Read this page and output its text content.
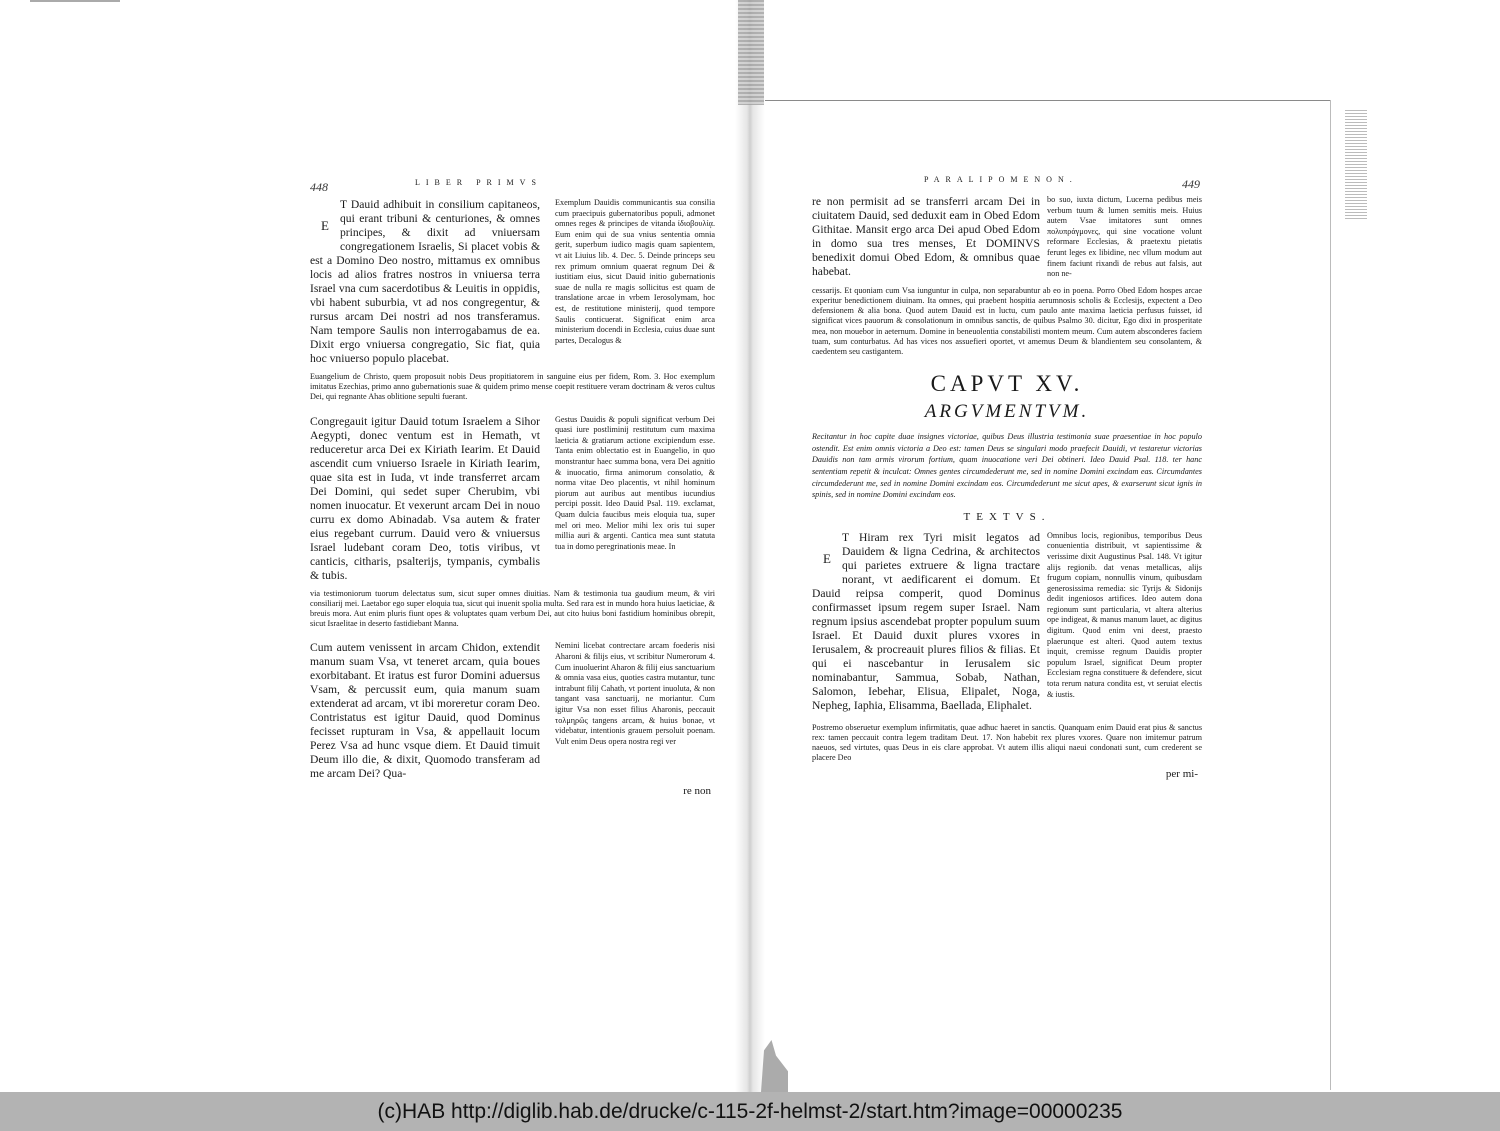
448	LIBER PRIMVS
E
T Dauid adhibuit in consilium capitaneos, qui erant tribuni & centuriones, & omnes principes, & dixit ad vniuersam congregationem Israelis, Si placet vobis & est a Domino Deo nostro, mittamus ex omnibus locis ad alios fratres nostros in vniuersa terra Israel vna cum sacerdotibus & Leuitis in oppidis, vbi habent suburbia, vt ad nos congregentur, & rursus arcam Dei nostri ad nos transferamus. Nam tempore Saulis non interrogabamus de ea. Dixit ergo vniuersa congregatio, Sic fiat, quia hoc vniuerso populo placebat.

Exemplum Dauidis communicantis sua consilia cum praecipuis gubernatoribus populi, admonet omnes reges & principes de vitanda ἰδιοβουλίᾳ. Eum enim qui de sua vnius sententia omnia gerit, superbum iudico magis quam sapientem, vt ait Liuius lib. 4. Dec. 5. Deinde princeps seu rex primum omnium quaerat regnum Dei & iustitiam eius, sicut Dauid initio gubernationis suae de nulla re magis sollicitus est quam de translatione arcae in vrbem Ierosolymam, hoc est, de restitutione ministerij, quod tempore Saulis conticuerat. Significat enim arca ministerium docendi in Ecclesia, cuius duae sunt partes, Decalogus &

Euangelium de Christo, quem proposuit nobis Deus propitiatorem in sanguine eius per fidem, Rom. 3. Hoc exemplum imitatus Ezechias, primo anno gubernationis suae & quidem primo mense coepit restituere veram doctrinam & veros cultus Dei, qui regnante Ahas oblitione sepulti fuerant.

Congregauit igitur Dauid totum Israelem a Sihor Aegypti, donec ventum est in Hemath, vt reduceretur arca Dei ex Kiriath Iearim. Et Dauid ascendit cum vniuerso Israele in Kiriath Iearim, quae sita est in Iuda, vt inde transferret arcam Dei Domini, qui sedet super Cherubim, vbi nomen inuocatur. Et vexerunt arcam Dei in nouo curru ex domo Abinadab. Vsa autem & frater eius regebant currum. Dauid vero & vniuersus Israel ludebant coram Deo, totis viribus, vt canticis, citharis, psalterijs, tympanis, cymbalis & tubis.

Gestus Dauidis & populi significat verbum Dei quasi iure postliminij restitutum cum maxima laeticia & gratiarum actione excipiendum esse. Tanta enim oblectatio est in Euangelio, in quo monstrantur haec summa bona, vera Dei agnitio & inuocatio, firma animorum consolatio, & norma vitae Deo placentis, vt nihil hominum piorum aut auribus aut mentibus iucundius percipi possit. Ideo Dauid Psal. 119. exclamat, Quam dulcia faucibus meis eloquia tua, super mel ori meo. Melior mihi lex oris tui super millia auri & argenti. Cantica mea sunt statuta tua in domo peregrinationis meae. In

via testimoniorum tuorum delectatus sum, sicut super omnes diuitias. Nam & testimonia tua gaudium meum, & viri consiliarij mei. Laetabor ego super eloquia tua, sicut qui inuenit spolia multa. Sed rara est in mundo hora huius laeticiae, & breuis mora. Aut enim pluris fiunt opes & voluptates quam verbum Dei, aut cito huius boni fastidium hominibus obrepit, sicut Israelitae in deserto fastidiebant Manna.

Cum autem venissent in arcam Chidon, extendit manum suam Vsa, vt teneret arcam, quia boues exorbitabant. Et iratus est furor Domini aduersus Vsam, & percussit eum, quia manum suam extenderat ad arcam, vt ibi moreretur coram Deo. Contristatus est igitur Dauid, quod Dominus fecisset rupturam in Vsa, & appellauit locum Perez Vsa ad hunc vsque diem. Et Dauid timuit Deum illo die, & dixit, Quomodo transferam ad me arcam Dei? Qua-

Nemini licebat contrectare arcam foederis nisi Aharoni & filijs eius, vt scribitur Numerorum 4. Cum inuoluerint Aharon & filij eius sanctuarium & omnia vasa eius, quoties castra mutantur, tunc intrabunt filij Cahath, vt portent inuoluta, & non tangant vasa sanctuarij, ne moriantur. Cum igitur Vsa non esset filius Aharonis, peccauit τολμηρῶς tangens arcam, & huius bonae, vt videbatur, intentionis grauem persoluit poenam. Vult enim Deus opera nostra regi ver

re non

PARALIPOMENON.	449

re non permisit ad se transferri arcam Dei in ciuitatem Dauid, sed deduxit eam in Obed Edom Githitae. Mansit ergo arca Dei apud Obed Edom in domo sua tres menses, Et DOMINVS benedixit domui Obed Edom, & omnibus quae habebat.

bo suo, iuxta dictum, Lucerna pedibus meis verbum tuum & lumen semitis meis. Huius autem Vsae imitatores sunt omnes πολυπράγμονες, qui sine vocatione volunt reformare Ecclesias, & praetextu pietatis ferunt leges ex libidine, nec vllum modum aut finem faciunt rixandi de rebus aut falsis, aut non ne-

cessarijs. Et quoniam cum Vsa iunguntur in culpa, non separabuntur ab eo in poena. Porro Obed Edom hospes arcae experitur benedictionem diuinam. Ita omnes, qui praebent hospitia aerumnosis scholis & Ecclesijs, expectent a Deo defensionem & alia bona. Quod autem Dauid est in luctu, cum paulo ante maxima laeticia perfusus fuisset, id significat vices pauorum & consolationum in omnibus sanctis, de quibus Psalmo 30. dicitur, Ego dixi in prosperitate mea, non mouebor in aeternum. Domine in beneuolentia constabilisti montem meum. Cum autem absconderes faciem tuam, sum conturbatus. Ad has vices nos assuefieri oportet, vt amemus Deum & blandientem seu consolantem, & caedentem seu castigantem.

CAPVT XV.

ARGVMENTVM.

Recitantur in hoc capite duae insignes victoriae, quibus Deus illustria testimonia suae praesentiae in hoc populo ostendit. Est enim omnis victoria a Deo est: tamen Deus se singulari modo praefecit Dauidi, vt testaretur victorias Dauidis non tam armis virorum fortium, quam inuocatione veri Dei obtineri. Ideo Dauid Psal. 118. ter hanc sententiam repetit & inculcat: Omnes gentes circumdederunt me, sed in nomine Domini excindam eas. Circumdantes circumdederunt me, sed in nomine Domini excindam eos. Circumdederunt me sicut apes, & exarserunt sicut ignis in spinis, sed in nomine Domini excindam eos.

TEXTVS.

E
T Hiram rex Tyri misit legatos ad Dauidem & ligna Cedrina, & architectos qui parietes extruere & ligna tractare norant, vt aedificarent ei domum. Et Dauid reipsa comperit, quod Dominus confirmasset ipsum regem super Israel. Nam regnum ipsius ascendebat propter populum suum Israel. Et Dauid duxit plures vxores in Ierusalem, & procreauit plures filios & filias. Et qui ei nascebantur in Ierusalem sic nominabantur, Sammua, Sobab, Nathan, Salomon, Iebehar, Elisua, Elipalet, Noga, Nepheg, Iaphia, Elisamma, Baellada, Eliphalet.

Omnibus locis, regionibus, temporibus Deus conuenientia distribuit, vt sapientissime & verissime dixit Augustinus Psal. 148. Vt igitur alijs regionib. dat venas metallicas, alijs frugum copiam, nonnullis vinum, quibusdam generosissima remedia: sic Tyrijs & Sidonijs dedit ingeniosos artifices. Ideo autem dona regionum sunt particularia, vt altera alterius ope indigeat, & manus manum lauet, ac digitus digitum. Quod enim vni deest, praesto plaerunque est alteri. Quod autem textus inquit, cremisse regnum Dauidis propter populum Israel, significat Deum propter Ecclesiam regna constituere & defendere, sicut tota rerum natura condita est, vt seruiat electis & iustis.

Postremo obseruetur exemplum infirmitatis, quae adhuc haeret in sanctis. Quanquam enim Dauid erat pius & sanctus rex: tamen peccauit contra legem traditam Deut. 17. Non habebit rex plures vxores. Quare non imitemur patrum naeuos, sed virtutes, quas Deus in eis clare approbat. Vt autem illis aliqui naeui condonati sunt, cum crederent se placere Deo

per mi-

(c)HAB http://diglib.hab.de/drucke/c-115-2f-helmst-2/start.htm?image=00000235
